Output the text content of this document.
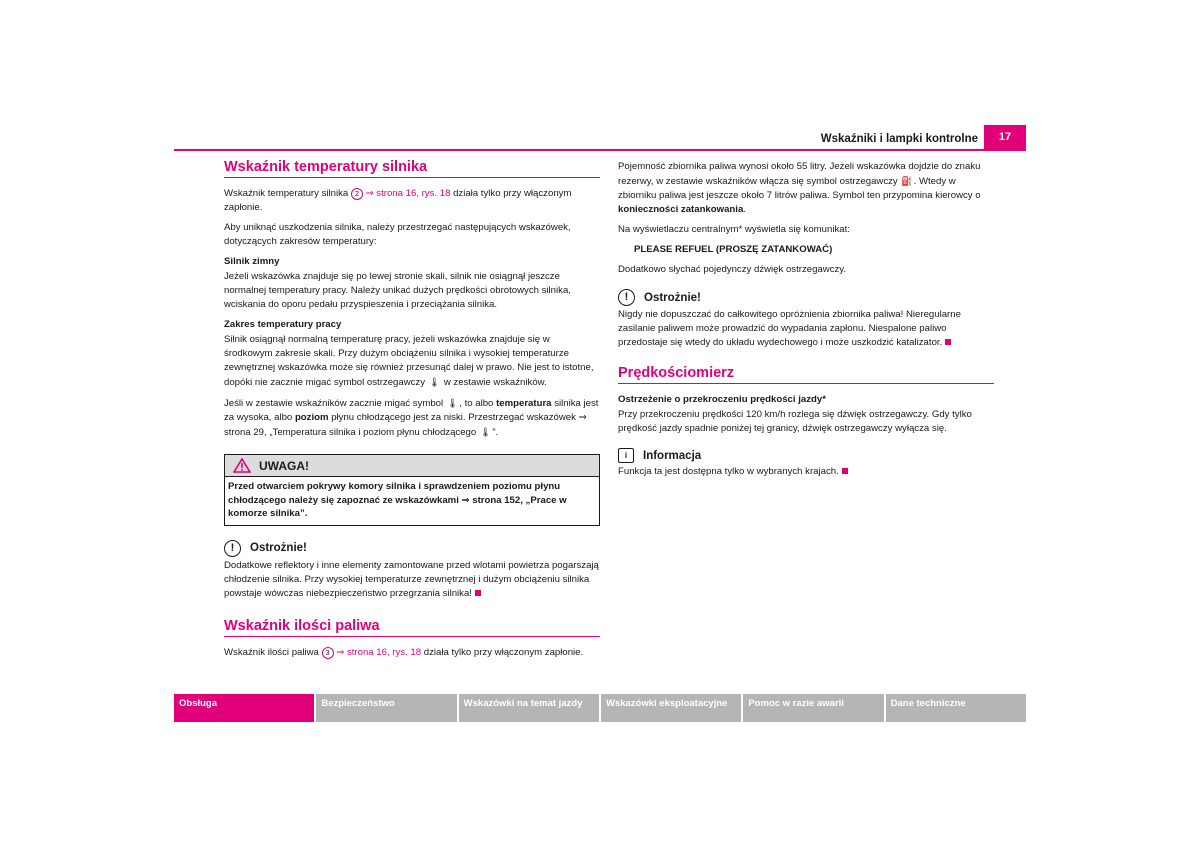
Wskaźniki i lampki kontrolne	17
Wskaźnik temperatury silnika

Wskaźnik temperatury silnika 2 ⇒ strona 16, rys. 18 działa tylko przy włączonym zapłonie.

Aby uniknąć uszkodzenia silnika, należy przestrzegać następujących wskazówek, dotyczących zakresów temperatury:

Silnik zimny

Jeżeli wskazówka znajduje się po lewej stronie skali, silnik nie osiągnął jeszcze normalnej temperatury pracy. Należy unikać dużych prędkości obrotowych silnika, wciskania do oporu pedału przyspieszenia i przeciążania silnika.

Zakres temperatury pracy

Silnik osiągnął normalną temperaturę pracy, jeżeli wskazówka znajduje się w środkowym zakresie skali. Przy dużym obciążeniu silnika i wysokiej temperaturze zewnętrznej wskazówka może się również przesunąć dalej w prawo. Nie jest to istotne, dopóki nie zacznie migać symbol ostrzegawczy 🌡 w zestawie wskaźników.

Jeśli w zestawie wskaźników zacznie migać symbol 🌡, to albo temperatura silnika jest za wysoka, albo poziom płynu chłodzącego jest za niski. Przestrzegać wskazówek ⇒ strona 29, „Temperatura silnika i poziom płynu chłodzącego 🌡”.

UWAGA!
Przed otwarciem pokrywy komory silnika i sprawdzeniem poziomu płynu chłodzącego należy się zapoznać ze wskazówkami ⇒ strona 152, „Prace w komorze silnika”.
!	Ostrożnie!

Dodatkowe reflektory i inne elementy zamontowane przed wlotami powietrza pogarszają chłodzenie silnika. Przy wysokiej temperaturze zewnętrznej i dużym obciążeniu silnika powstaje wówczas niebezpieczeństwo przegrzania silnika!

Wskaźnik ilości paliwa

Wskaźnik ilości paliwa 3 ⇒ strona 16, rys. 18 działa tylko przy włączonym zapłonie.

Pojemność zbiornika paliwa wynosi około 55 litry. Jeżeli wskazówka dojdzie do znaku rezerwy, w zestawie wskaźników włącza się symbol ostrzegawczy ⛽. Wtedy w zbiorniku paliwa jest jeszcze około 7 litrów paliwa. Symbol ten przypomina kierowcy o konieczności zatankowania.

Na wyświetlaczu centralnym* wyświetla się komunikat:

PLEASE REFUEL (PROSZĘ ZATANKOWAĆ)

Dodatkowo słychać pojedynczy dźwięk ostrzegawczy.

!	Ostrożnie!

Nigdy nie dopuszczać do całkowitego opróżnienia zbiornika paliwa! Nieregularne zasilanie paliwem może prowadzić do wypadania zapłonu. Niespalone paliwo przedostaje się wtedy do układu wydechowego i może uszkodzić katalizator.

Prędkościomierz
Ostrzeżenie o przekroczeniu prędkości jazdy*

Przy przekroczeniu prędkości 120 km/h rozlega się dźwięk ostrzegawczy. Gdy tylko prędkość jazdy spadnie poniżej tej granicy, dźwięk ostrzegawczy wyłącza się.

i	Informacja

Funkcja ta jest dostępna tylko w wybranych krajach.

Obsługa	Bezpieczeństwo	Wskazówki na temat jazdy	Wskazówki eksploatacyjne	Pomoc w razie awarii	Dane techniczne
